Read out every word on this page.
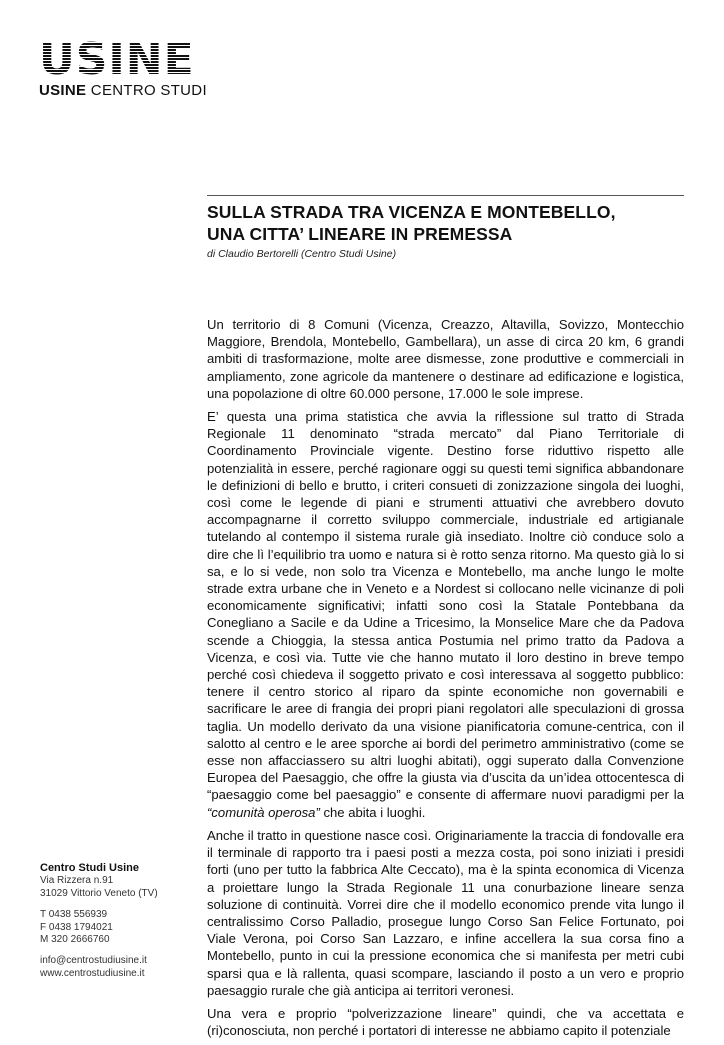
USINE
USINE CENTRO STUDI
SULLA STRADA TRA VICENZA E MONTEBELLO,
UNA CITTA’ LINEARE IN PREMESSA
di Claudio Bertorelli (Centro Studi Usine)

Un territorio di 8 Comuni (Vicenza, Creazzo, Altavilla, Sovizzo, Montecchio Maggiore, Brendola, Montebello, Gambellara), un asse di circa 20 km, 6 grandi ambiti di trasformazione, molte aree dismesse, zone produttive e commerciali in ampliamento, zone agricole da mantenere o destinare ad edificazione e logistica, una popolazione di oltre 60.000 persone, 17.000 le sole imprese.

E’ questa una prima statistica che avvia la riflessione sul tratto di Strada Regionale 11 denominato “strada mercato” dal Piano Territoriale di Coordinamento Provinciale vigente. Destino forse riduttivo rispetto alle potenzialità in essere, perché ragionare oggi su questi temi significa abbandonare le definizioni di bello e brutto, i criteri consueti di zonizzazione singola dei luoghi, così come le legende di piani e strumenti attuativi che avrebbero dovuto accompagnarne il corretto sviluppo commerciale, industriale ed artigianale tutelando al contempo il sistema rurale già insediato. Inoltre ciò conduce solo a dire che lì l’equilibrio tra uomo e natura si è rotto senza ritorno. Ma questo già lo si sa, e lo si vede, non solo tra Vicenza e Montebello, ma anche lungo le molte strade extra urbane che in Veneto e a Nordest si collocano nelle vicinanze di poli economicamente significativi; infatti sono così la Statale Pontebbana da Conegliano a Sacile e da Udine a Tricesimo, la Monselice Mare che da Padova scende a Chioggia, la stessa antica Postumia nel primo tratto da Padova a Vicenza, e così via. Tutte vie che hanno mutato il loro destino in breve tempo perché così chiedeva il soggetto privato e così interessava al soggetto pubblico: tenere il centro storico al riparo da spinte economiche non governabili e sacrificare le aree di frangia dei propri piani regolatori alle speculazioni di grossa taglia. Un modello derivato da una visione pianificatoria comune-centrica, con il salotto al centro e le aree sporche ai bordi del perimetro amministrativo (come se esse non affacciassero su altri luoghi abitati), oggi superato dalla Convenzione Europea del Paesaggio, che offre la giusta via d’uscita da un’idea ottocentesca di “paesaggio come bel paesaggio” e consente di affermare nuovi paradigmi per la “comunità operosa” che abita i luoghi.

Anche il tratto in questione nasce così. Originariamente la traccia di fondovalle era il terminale di rapporto tra i paesi posti a mezza costa, poi sono iniziati i presidi forti (uno per tutto la fabbrica Alte Ceccato), ma è la spinta economica di Vicenza a proiettare lungo la Strada Regionale 11 una conurbazione lineare senza soluzione di continuità. Vorrei dire che il modello economico prende vita lungo il centralissimo Corso Palladio, prosegue lungo Corso San Felice Fortunato, poi Viale Verona, poi Corso San Lazzaro, e infine accellera la sua corsa fino a Montebello, punto in cui la pressione economica che si manifesta per metri cubi sparsi qua e là rallenta, quasi scompare, lasciando il posto a un vero e proprio paesaggio rurale che già anticipa ai territori veronesi.

Una vera e proprio “polverizzazione lineare” quindi, che va accettata e (ri)conosciuta, non perché i portatori di interesse ne abbiamo capito il potenziale

Centro Studi Usine
Via Rizzera n.91
31029 Vittorio Veneto (TV)
T 0438 556939
F 0438 1794021
M 320 2666760
info@centrostudiusine.it
www.centrostudiusine.it
